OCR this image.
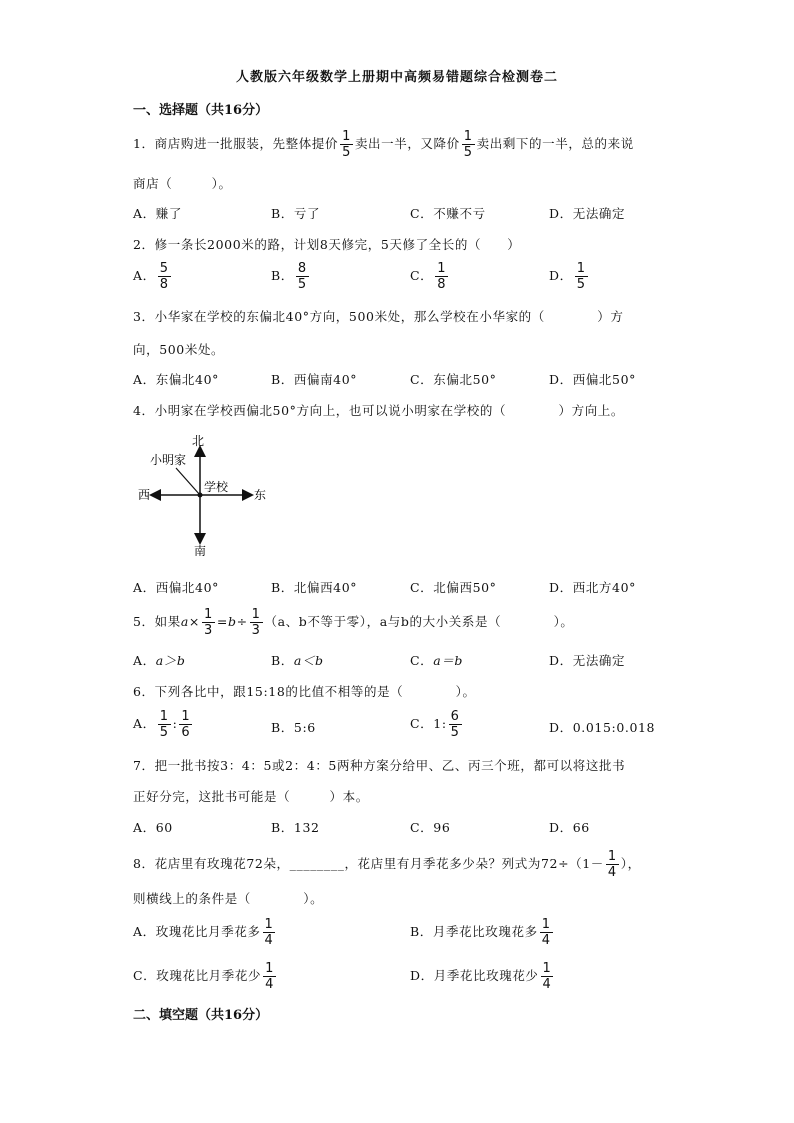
人教版六年级数学上册期中高频易错题综合检测卷二
一、选择题（共16分）
1．商店购进一批服装，先整体提价 $\frac{1}{5}$ 卖出一半，又降价 $\frac{1}{5}$ 卖出剩下的一半，总的来说
商店（　　　）。
A．赚了	B．亏了	C．不赚不亏	D．无法确定
2．修一条长2000米的路，计划8天修完，5天修了全长的（　　）
A． $\frac{5}{8}$	B． $\frac{8}{5}$	C． $\frac{1}{8}$	D． $\frac{1}{5}$
3．小华家在学校的东偏北40°方向，500米处，那么学校在小华家的（　　　　）方
向，500米处。
A．东偏北40°	B．西偏南40°	C．东偏北50°	D．西偏北50°
4．小明家在学校西偏北50°方向上，也可以说小明家在学校的（　　　　）方向上。
北
南
东
西
小明家
学校
A．西偏北40°	B．北偏西40°	C．北偏西50°	D．西北方40°
5．如果$a\times \frac{1}{3} =b\div \frac{1}{3} (a$、b不等于零），a与b的大小关系是（　　　　）。
A．a＞b	B．a＜b	C．a＝b	D．无法确定
6．下列各比中，跟15:18的比值不相等的是（　　　　）。
A． $\frac{1}{5}$ : $\frac{1}{6}$	B．5:6	C．1: $\frac{6}{5}$	D．0.015:0.018
7．把一批书按3：4：5或2：4：5两种方案分给甲、乙、丙三个班，都可以将这批书
正好分完，这批书可能是（　　　）本。
A．60	B．132	C．96	D．66
8．花店里有玫瑰花72朵，________，花店里有月季花多少朵？列式为$72\div(1- \frac{1}{4}$ ），
则横线上的条件是（　　　　）。
A．玫瑰花比月季花多 $\frac{1}{4}$	B．月季花比玫瑰花多 $\frac{1}{4}$
C．玫瑰花比月季花少 $\frac{1}{4}$	D．月季花比玫瑰花少 $\frac{1}{4}$
二、填空题（共16分）
